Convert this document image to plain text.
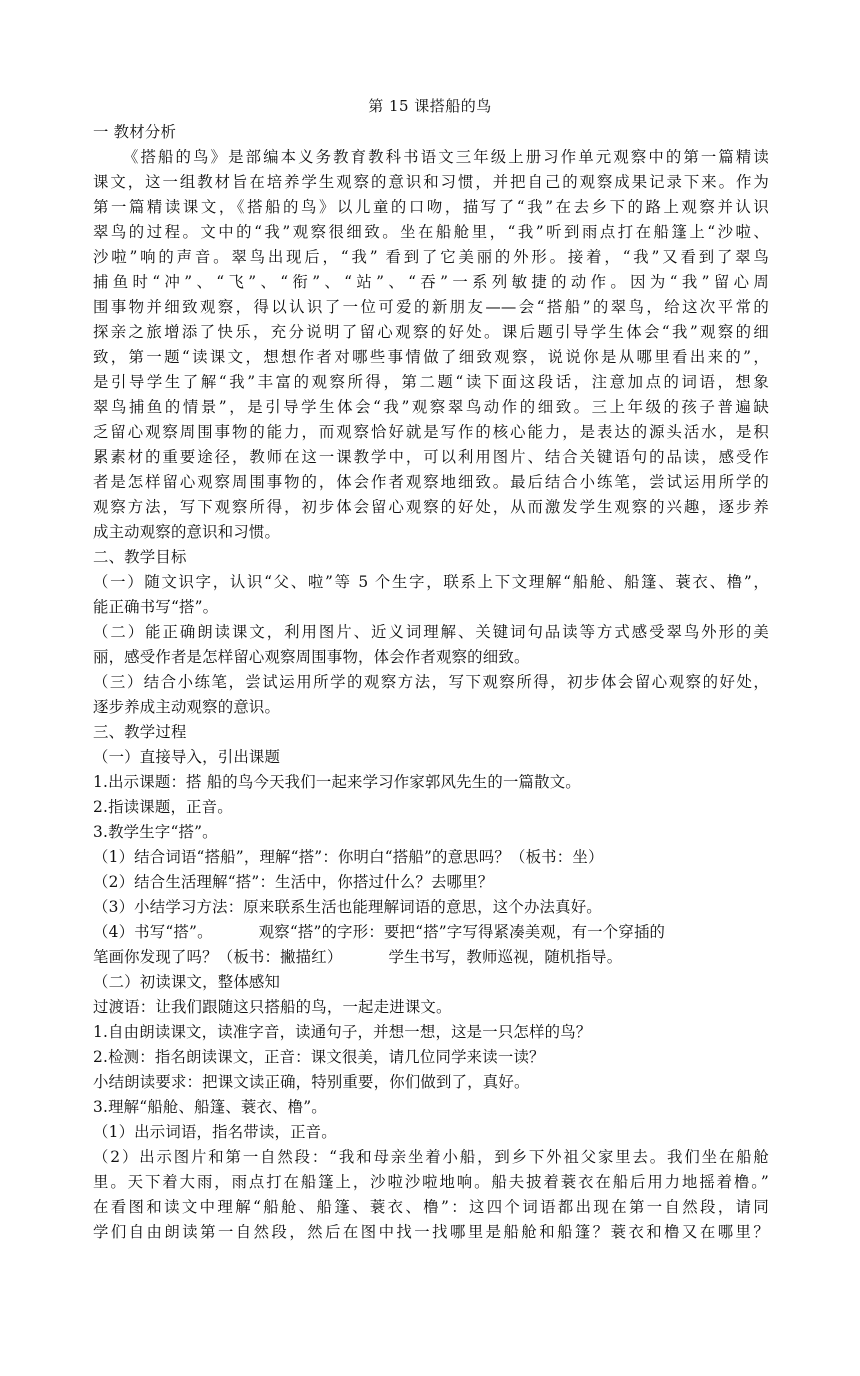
第 15 课搭船的鸟
一 教材分析
《搭船的鸟》是部编本义务教育教科书语文三年级上册习作单元观察中的第一篇精读
课文，这一组教材旨在培养学生观察的意识和习惯，并把自己的观察成果记录下来。作为
第一篇精读课文，《搭船的鸟》以儿童的口吻，描写了“我”在去乡下的路上观察并认识
翠鸟的过程。文中的“我”观察很细致。坐在船舱里，“我”听到雨点打在船篷上“沙啦、
沙啦”响的声音。翠鸟出现后，“我” 看到了它美丽的外形。接着，“我”又看到了翠鸟
捕鱼时“冲”、“飞”、“衔”、“站”、“吞”一系列敏捷的动作。因为“我”留心周
围事物并细致观察，得以认识了一位可爱的新朋友——会“搭船”的翠鸟，给这次平常的
探亲之旅增添了快乐，充分说明了留心观察的好处。课后题引导学生体会“我”观察的细
致，第一题“读课文，想想作者对哪些事情做了细致观察，说说你是从哪里看出来的”，
是引导学生了解“我”丰富的观察所得，第二题“读下面这段话，注意加点的词语，想象
翠鸟捕鱼的情景”，是引导学生体会“我”观察翠鸟动作的细致。三上年级的孩子普遍缺
乏留心观察周围事物的能力，而观察恰好就是写作的核心能力，是表达的源头活水，是积
累素材的重要途径，教师在这一课教学中，可以利用图片、结合关键语句的品读，感受作
者是怎样留心观察周围事物的，体会作者观察地细致。最后结合小练笔，尝试运用所学的
观察方法，写下观察所得，初步体会留心观察的好处，从而激发学生观察的兴趣，逐步养
成主动观察的意识和习惯。
二、教学目标
（一）随文识字，认识“父、啦”等 5 个生字，联系上下文理解“船舱、船篷、蓑衣、橹”，
能正确书写“搭”。
（二）能正确朗读课文，利用图片、近义词理解、关键词句品读等方式感受翠鸟外形的美
丽，感受作者是怎样留心观察周围事物，体会作者观察的细致。
（三）结合小练笔，尝试运用所学的观察方法，写下观察所得，初步体会留心观察的好处，
逐步养成主动观察的意识。
三、教学过程
（一）直接导入，引出课题
1.出示课题：搭 船的鸟今天我们一起来学习作家郭风先生的一篇散文。
2.指读课题，正音。
3.教学生字“搭”。
（1）结合词语“搭船”，理解“搭”：你明白“搭船”的意思吗？（板书：坐）
（2）结合生活理解“搭”：生活中，你搭过什么？去哪里？
（3）小结学习方法：原来联系生活也能理解词语的意思，这个办法真好。
（4）书写“搭”。	观察“搭”的字形：要把“搭”字写得紧凑美观，有一个穿插的
笔画你发现了吗？（板书：撇描红）	学生书写，教师巡视，随机指导。
（二）初读课文，整体感知
过渡语：让我们跟随这只搭船的鸟，一起走进课文。
1.自由朗读课文，读准字音，读通句子，并想一想，这是一只怎样的鸟？
2.检测：指名朗读课文，正音：课文很美，请几位同学来读一读？
小结朗读要求：把课文读正确，特别重要，你们做到了，真好。
3.理解“船舱、船篷、蓑衣、橹”。
（1）出示词语，指名带读，正音。
（2）出示图片和第一自然段：“我和母亲坐着小船，到乡下外祖父家里去。我们坐在船舱
里。天下着大雨，雨点打在船篷上，沙啦沙啦地响。船夫披着蓑衣在船后用力地摇着橹。”
在看图和读文中理解“船舱、船篷、蓑衣、橹”：这四个词语都出现在第一自然段，请同
学们自由朗读第一自然段，然后在图中找一找哪里是船舱和船篷？蓑衣和橹又在哪里？
